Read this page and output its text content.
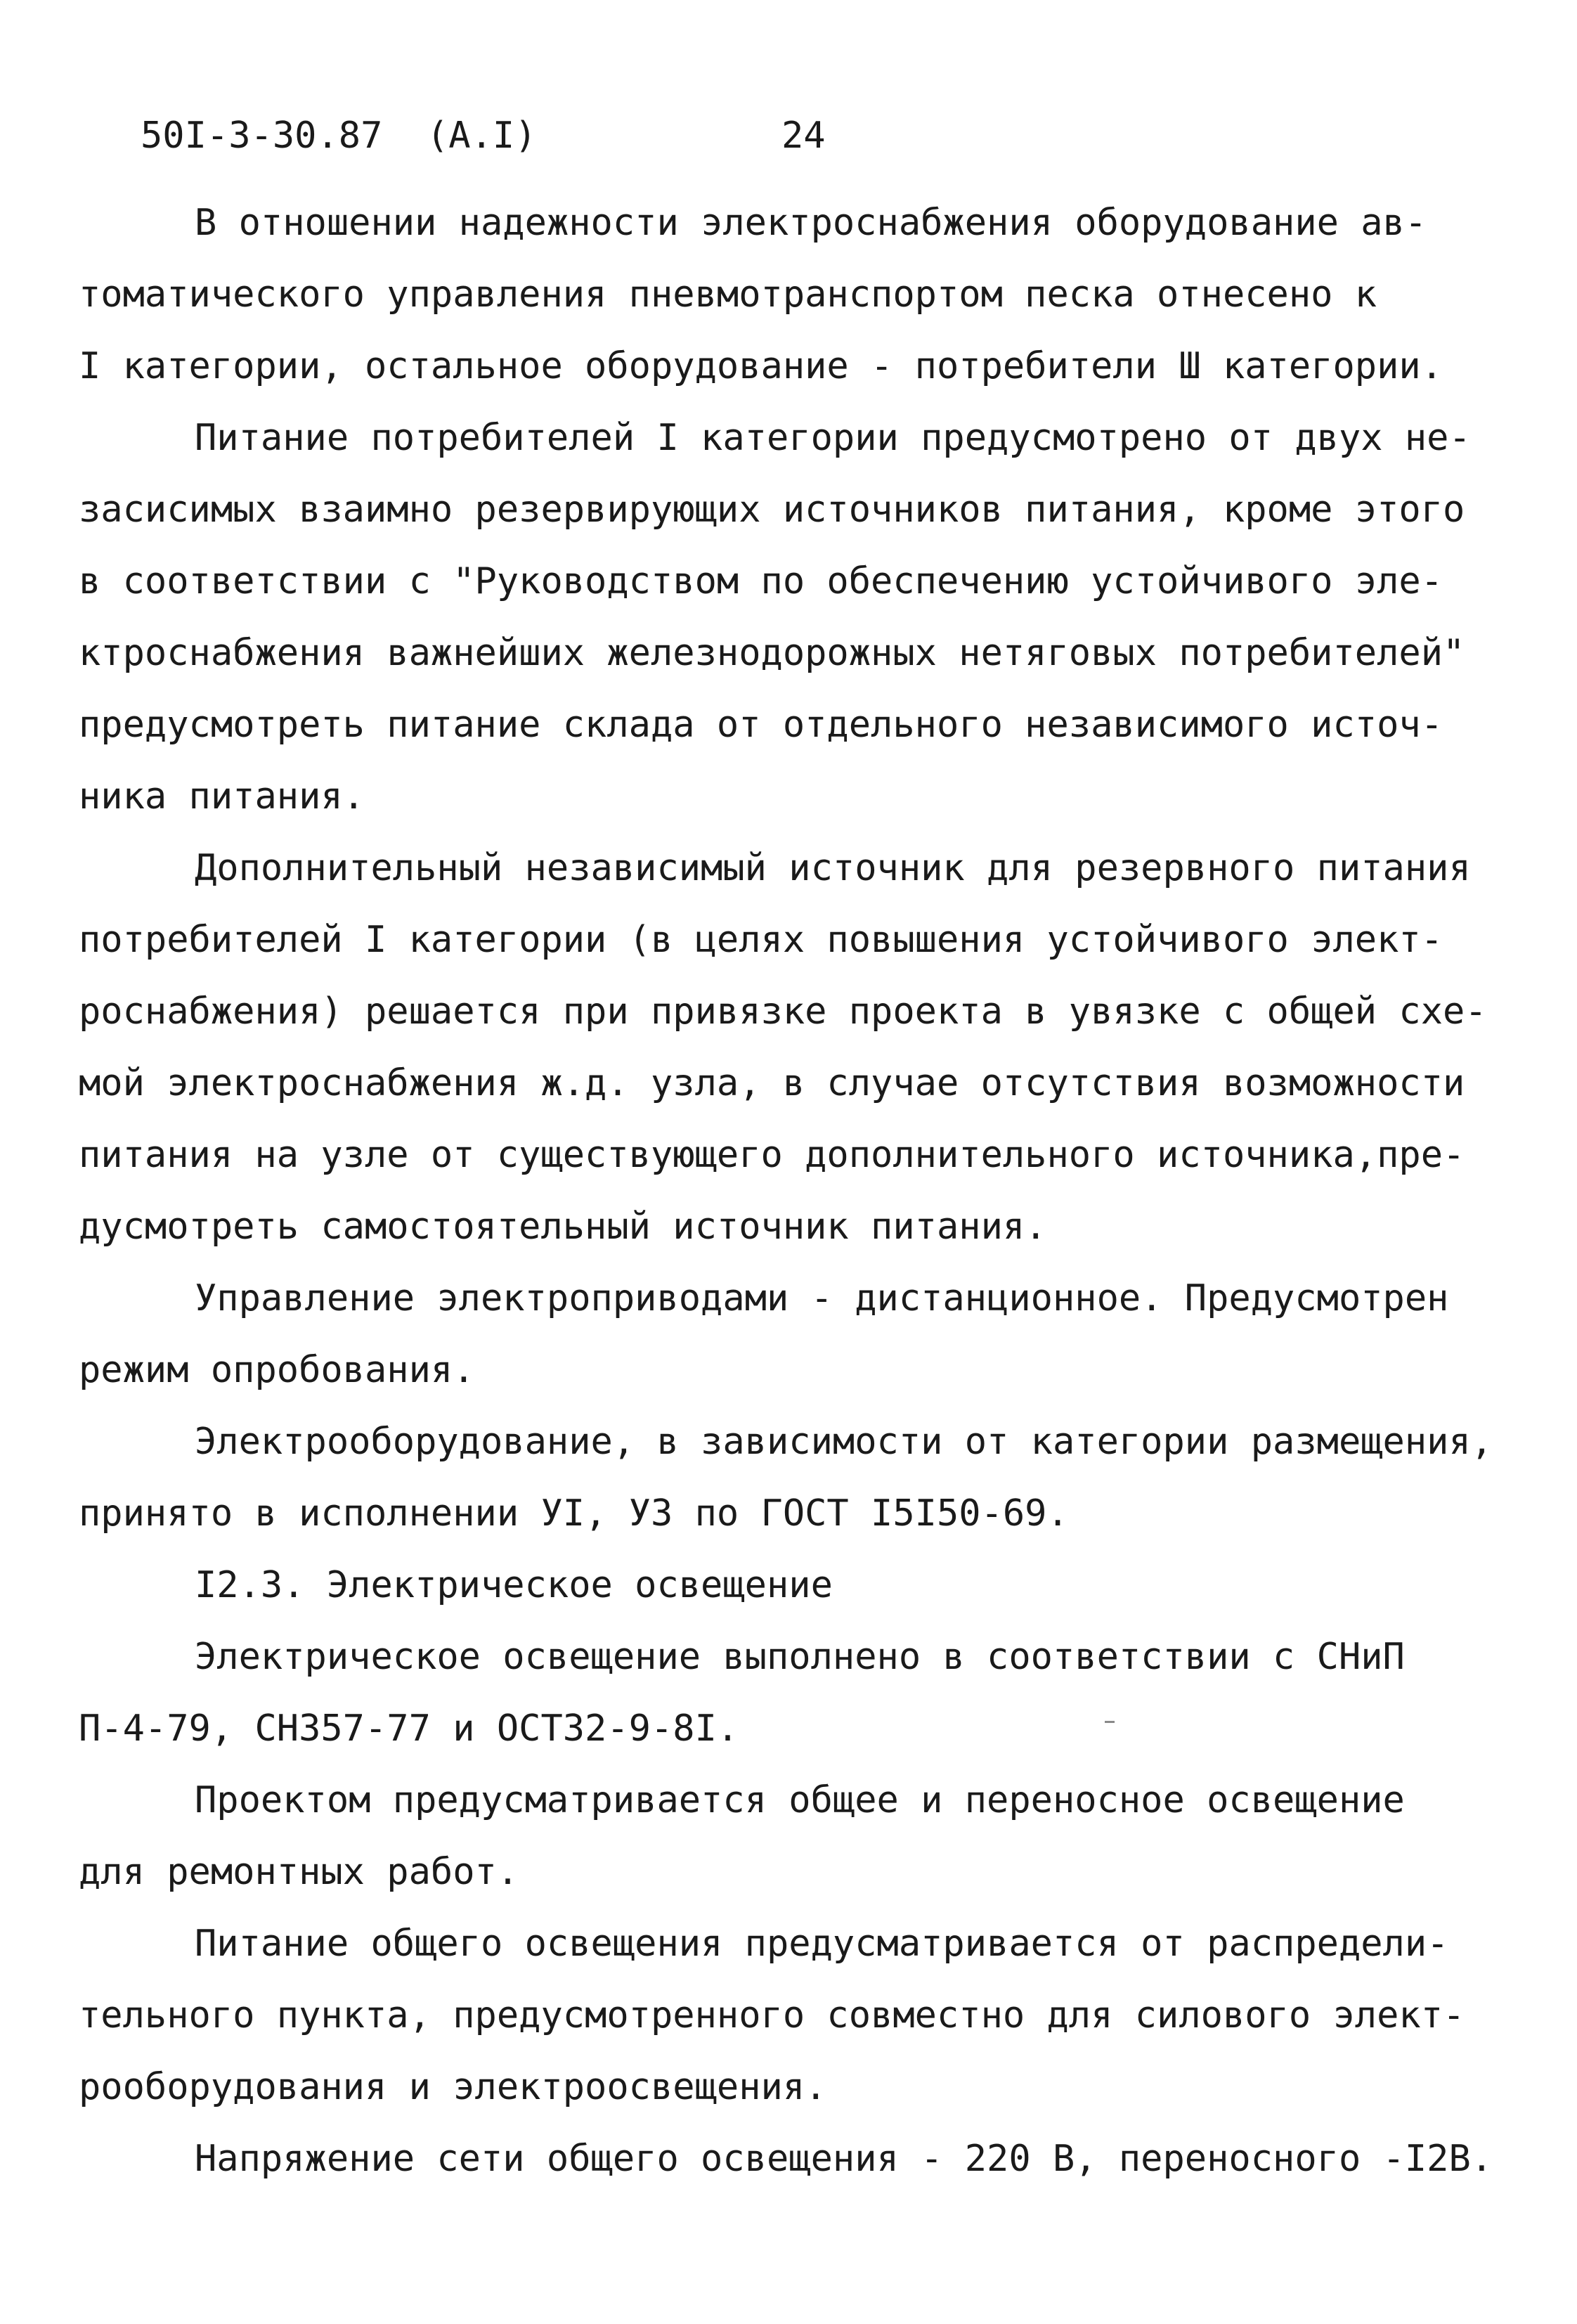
50I-3-30.87  (A.I)	24
В отношении надежности электроснабжения оборудование ав-
томатического управления пневмотранспортом песка отнесено к
I категории, остальное оборудование - потребители Ш категории.
Питание потребителей I категории предусмотрено от двух не-
засисимых взаимно резервирующих источников питания, кроме этого
в соответствии с "Руководством по обеспечению устойчивого эле-
ктроснабжения важнейших железнодорожных нетяговых потребителей"
предусмотреть питание склада от отдельного независимого источ-
ника питания.
Дополнительный независимый источник для резервного питания
потребителей I категории (в целях повышения устойчивого элект-
роснабжения) решается при привязке проекта в увязке с общей схе-
мой электроснабжения ж.д. узла, в случае отсутствия возможности
питания на узле от существующего дополнительного источника,пре-
дусмотреть самостоятельный источник питания.
Управление электроприводами - дистанционное. Предусмотрен
режим опробования.
Электрооборудование, в зависимости от категории размещения,
принято в исполнении УI, У3 по ГОСТ I5I50-69.
I2.3. Электрическое освещение
Электрическое освещение выполнено в соответствии с СНиП
П-4-79, СН357-77 и ОСТ32-9-8I.
Проектом предусматривается общее и переносное освещение
для ремонтных работ.
Питание общего освещения предусматривается от распредели-
тельного пункта, предусмотренного совместно для силового элект-
рооборудования и электроосвещения.
Напряжение сети общего освещения - 220 В, переносного -I2В.
